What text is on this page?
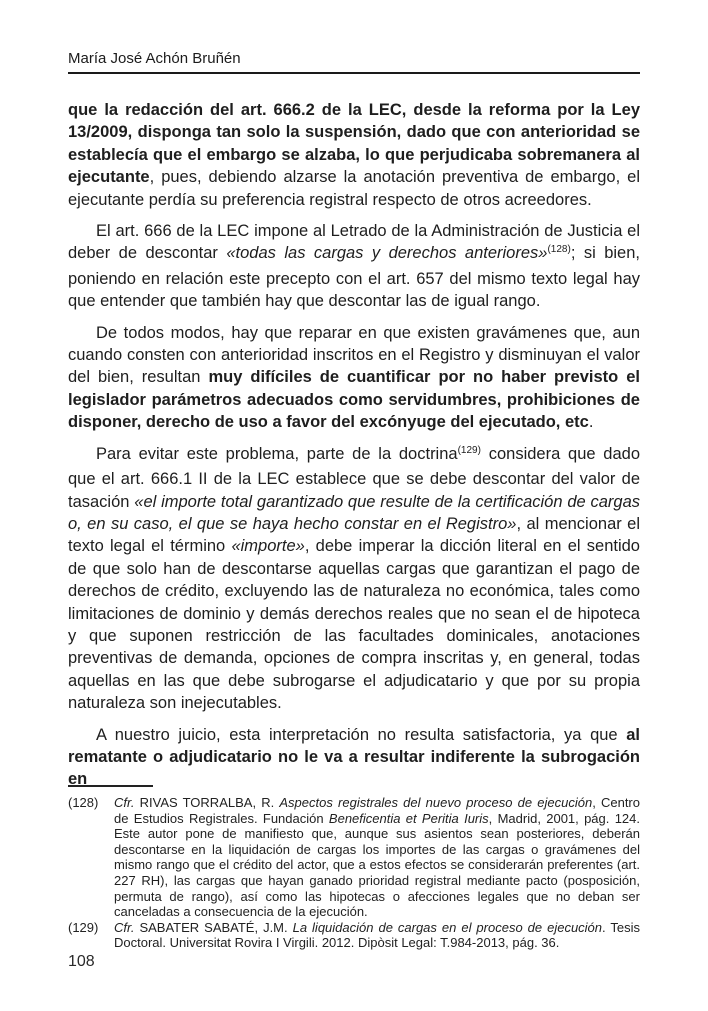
María José Achón Bruñén

que la redacción del art. 666.2 de la LEC, desde la reforma por la Ley 13/2009, disponga tan solo la suspensión, dado que con anterioridad se establecía que el embargo se alzaba, lo que perjudicaba sobremanera al ejecutante, pues, debiendo alzarse la anotación preventiva de embargo, el ejecutante perdía su preferencia registral respecto de otros acreedores.

El art. 666 de la LEC impone al Letrado de la Administración de Justicia el deber de descontar «todas las cargas y derechos anteriores»$^{(128)}$; si bien, poniendo en relación este precepto con el art. 657 del mismo texto legal hay que entender que también hay que descontar las de igual rango.

De todos modos, hay que reparar en que existen gravámenes que, aun cuando consten con anterioridad inscritos en el Registro y disminuyan el valor del bien, resultan muy difíciles de cuantificar por no haber previsto el legislador parámetros adecuados como servidumbres, prohibiciones de disponer, derecho de uso a favor del excónyuge del ejecutado, etc.

Para evitar este problema, parte de la doctrina$^{(129)}$ considera que dado que el art. 666.1 II de la LEC establece que se debe descontar del valor de tasación «el importe total garantizado que resulte de la certificación de cargas o, en su caso, el que se haya hecho constar en el Registro», al mencionar el texto legal el término «importe», debe imperar la dicción literal en el sentido de que solo han de descontarse aquellas cargas que garantizan el pago de derechos de crédito, excluyendo las de naturaleza no económica, tales como limitaciones de dominio y demás derechos reales que no sean el de hipoteca y que suponen restricción de las facultades dominicales, anotaciones preventivas de demanda, opciones de compra inscritas y, en general, todas aquellas en las que debe subrogarse el adjudicatario y que por su propia naturaleza son inejecutables.

A nuestro juicio, esta interpretación no resulta satisfactoria, ya que al rematante o adjudicatario no le va a resultar indiferente la subrogación en

(128)	Cfr. RIVAS TORRALBA, R. Aspectos registrales del nuevo proceso de ejecución, Centro de Estudios Registrales. Fundación Beneficentia et Peritia Iuris, Madrid, 2001, pág. 124. Este autor pone de manifiesto que, aunque sus asientos sean posteriores, deberán descontarse en la liquidación de cargas los importes de las cargas o gravámenes del mismo rango que el crédito del actor, que a estos efectos se considerarán preferentes (art. 227 RH), las cargas que hayan ganado prioridad registral mediante pacto (posposición, permuta de rango), así como las hipotecas o afecciones legales que no deban ser canceladas a consecuencia de la ejecución.
(129)	Cfr. SABATER SABATÉ, J.M. La liquidación de cargas en el proceso de ejecución. Tesis Doctoral. Universitat Rovira I Virgili. 2012. Dipòsit Legal: T.984-2013, pág. 36.
108
